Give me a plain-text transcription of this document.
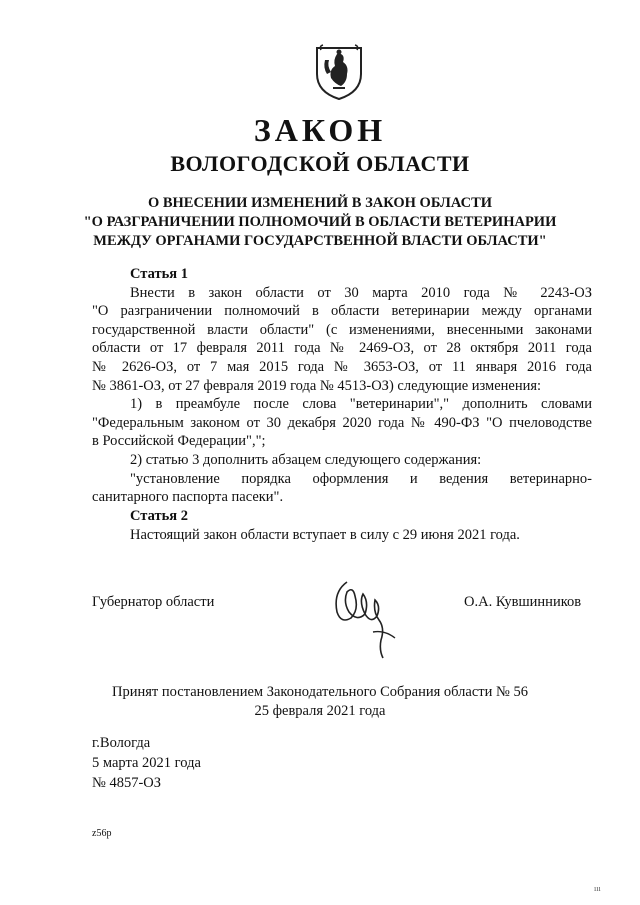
ЗАКОН
ВОЛОГОДСКОЙ ОБЛАСТИ
О ВНЕСЕНИИ ИЗМЕНЕНИЙ В ЗАКОН ОБЛАСТИ
"О РАЗГРАНИЧЕНИИ ПОЛНОМОЧИЙ В ОБЛАСТИ ВЕТЕРИНАРИИ
МЕЖДУ ОРГАНАМИ ГОСУДАРСТВЕННОЙ ВЛАСТИ ОБЛАСТИ"
Статья 1
Внести в закон области от 30 марта 2010 года № 2243-ОЗ
"О разграничении полномочий в области ветеринарии между органами
государственной власти области" (с изменениями, внесенными законами
области от 17 февраля 2011 года № 2469-ОЗ, от 28 октября 2011 года
№ 2626-ОЗ, от 7 мая 2015 года № 3653-ОЗ, от 11 января 2016 года
№ 3861-ОЗ, от 27 февраля 2019 года № 4513-ОЗ) следующие изменения:
1) в преамбуле после слова "ветеринарии"," дополнить словами
"Федеральным законом от 30 декабря 2020 года № 490-ФЗ "О пчеловодстве
в Российской Федерации",";
2) статью 3 дополнить абзацем следующего содержания:
"установление порядка оформления и ведения ветеринарно-
санитарного паспорта пасеки".
Статья 2
Настоящий закон области вступает в силу с 29 июня 2021 года.
Губернатор области	О.А. Кувшинников
Принят постановлением Законодательного Собрания области № 56
25 февраля 2021 года
г.Вологда
5 марта 2021 года
№ 4857-ОЗ
z56р
ııı
